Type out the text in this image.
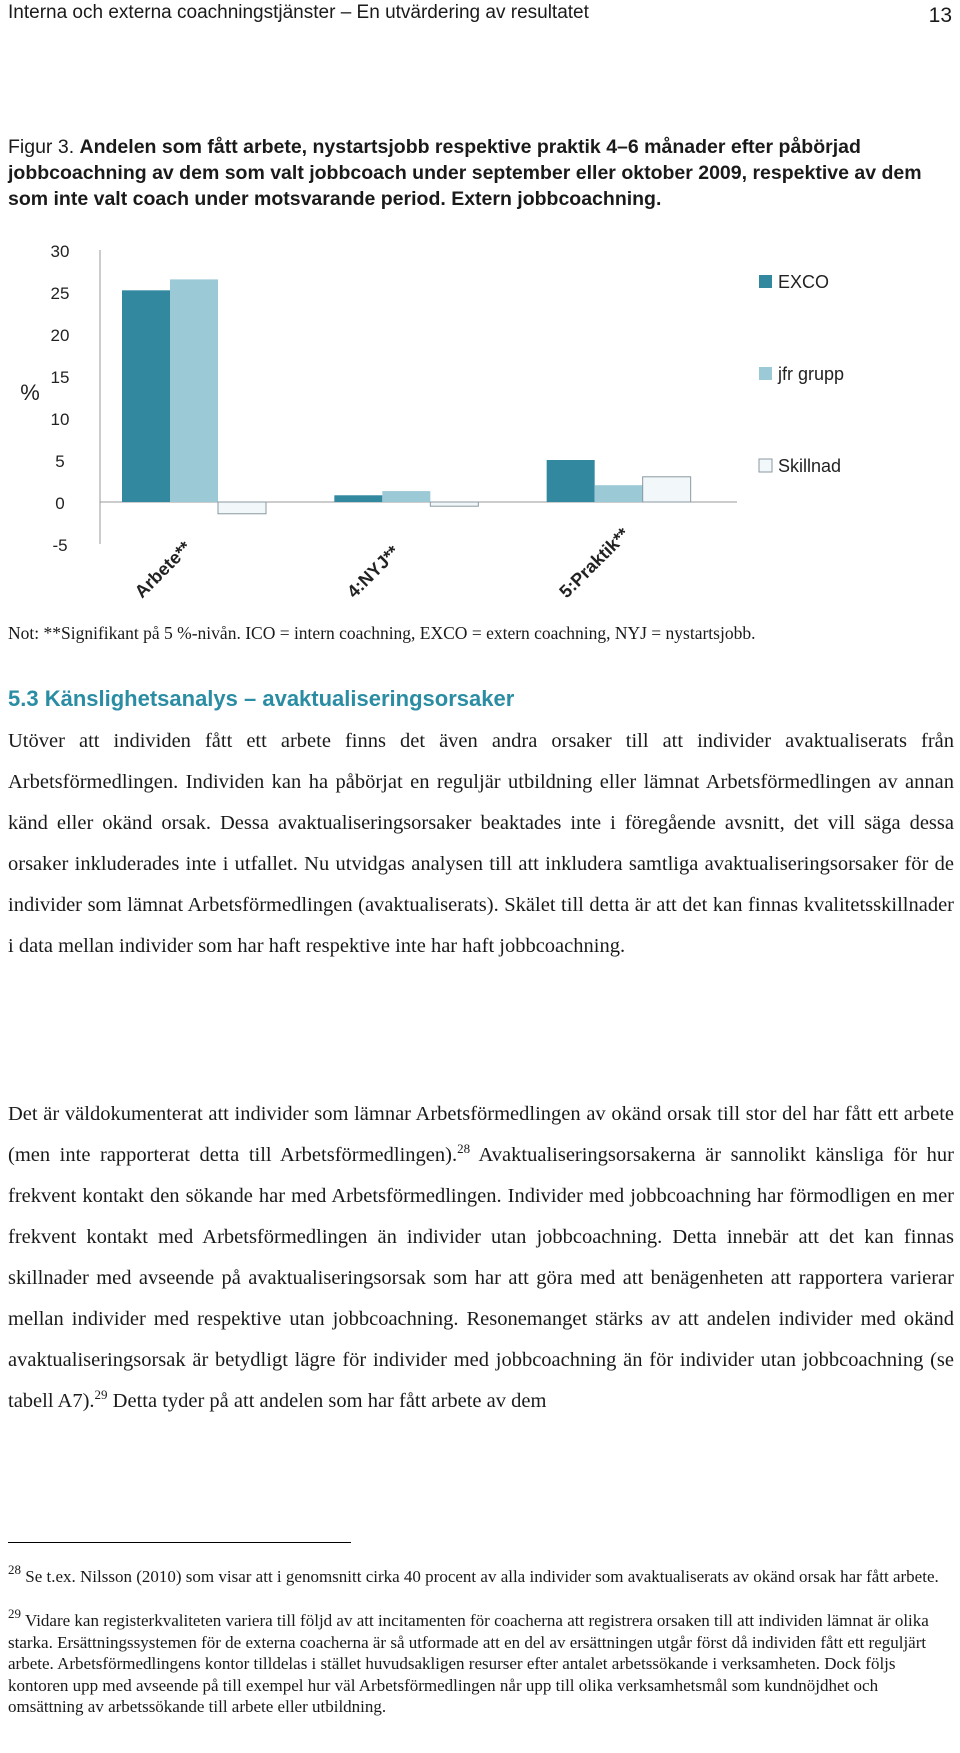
Interna och externa coachningstjänster – En utvärdering av resultatet	13
Figur 3. Andelen som fått arbete, nystartsjobb respektive praktik 4–6 månader efter påbörjad jobbcoachning av dem som valt jobbcoach under september eller oktober 2009, respektive av dem som inte valt coach under motsvarande period. Extern jobbcoachning.
30
25
20
15
10
5
0
-5
%
Arbete**	4:NYJ**	5:Praktik**
EXCO
jfr grupp
Skillnad
Not: **Signifikant på 5 %-nivån. ICO = intern coachning, EXCO = extern coachning, NYJ = nystartsjobb.
5.3 Känslighetsanalys – avaktualiseringsorsaker
Utöver att individen fått ett arbete finns det även andra orsaker till att individer avaktualiserats från Arbetsförmedlingen. Individen kan ha påbörjat en reguljär utbildning eller lämnat Arbetsförmedlingen av annan känd eller okänd orsak. Dessa avaktualiseringsorsaker beaktades inte i föregående avsnitt, det vill säga dessa orsaker inkluderades inte i utfallet. Nu utvidgas analysen till att inkludera samtliga avaktualiseringsorsaker för de individer som lämnat Arbetsförmedlingen (avaktualiserats). Skälet till detta är att det kan finnas kvalitetsskillnader i data mellan individer som har haft respektive inte har haft jobbcoachning.
Det är väldokumenterat att individer som lämnar Arbetsförmedlingen av okänd orsak till stor del har fått ett arbete (men inte rapporterat detta till Arbetsförmedlingen).$^{28}$ Avaktualiseringsorsakerna är sannolikt känsliga för hur frekvent kontakt den sökande har med Arbetsförmedlingen. Individer med jobbcoachning har förmodligen en mer frekvent kontakt med Arbetsförmedlingen än individer utan jobbcoachning. Detta innebär att det kan finnas skillnader med avseende på avaktualiseringsorsak som har att göra med att benägenheten att rapportera varierar mellan individer med respektive utan jobbcoachning. Resonemanget stärks av att andelen individer med okänd avaktualiseringsorsak är betydligt lägre för individer med jobbcoachning än för individer utan jobbcoachning (se tabell A7).$^{29}$ Detta tyder på att andelen som har fått arbete av dem
$^{28}$ Se t.ex. Nilsson (2010) som visar att i genomsnitt cirka 40 procent av alla individer som avaktualiserats av okänd orsak har fått arbete.
$^{29}$ Vidare kan registerkvaliteten variera till följd av att incitamenten för coacherna att registrera orsaken till att individen lämnat är olika starka. Ersättningssystemen för de externa coacherna är så utformade att en del av ersättningen utgår först då individen fått ett reguljärt arbete. Arbetsförmedlingens kontor tilldelas i stället huvudsakligen resurser efter antalet arbetssökande i verksamheten. Dock följs kontoren upp med avseende på till exempel hur väl Arbetsförmedlingen når upp till olika verksamhetsmål som kundnöjdhet och omsättning av arbetssökande till arbete eller utbildning.
